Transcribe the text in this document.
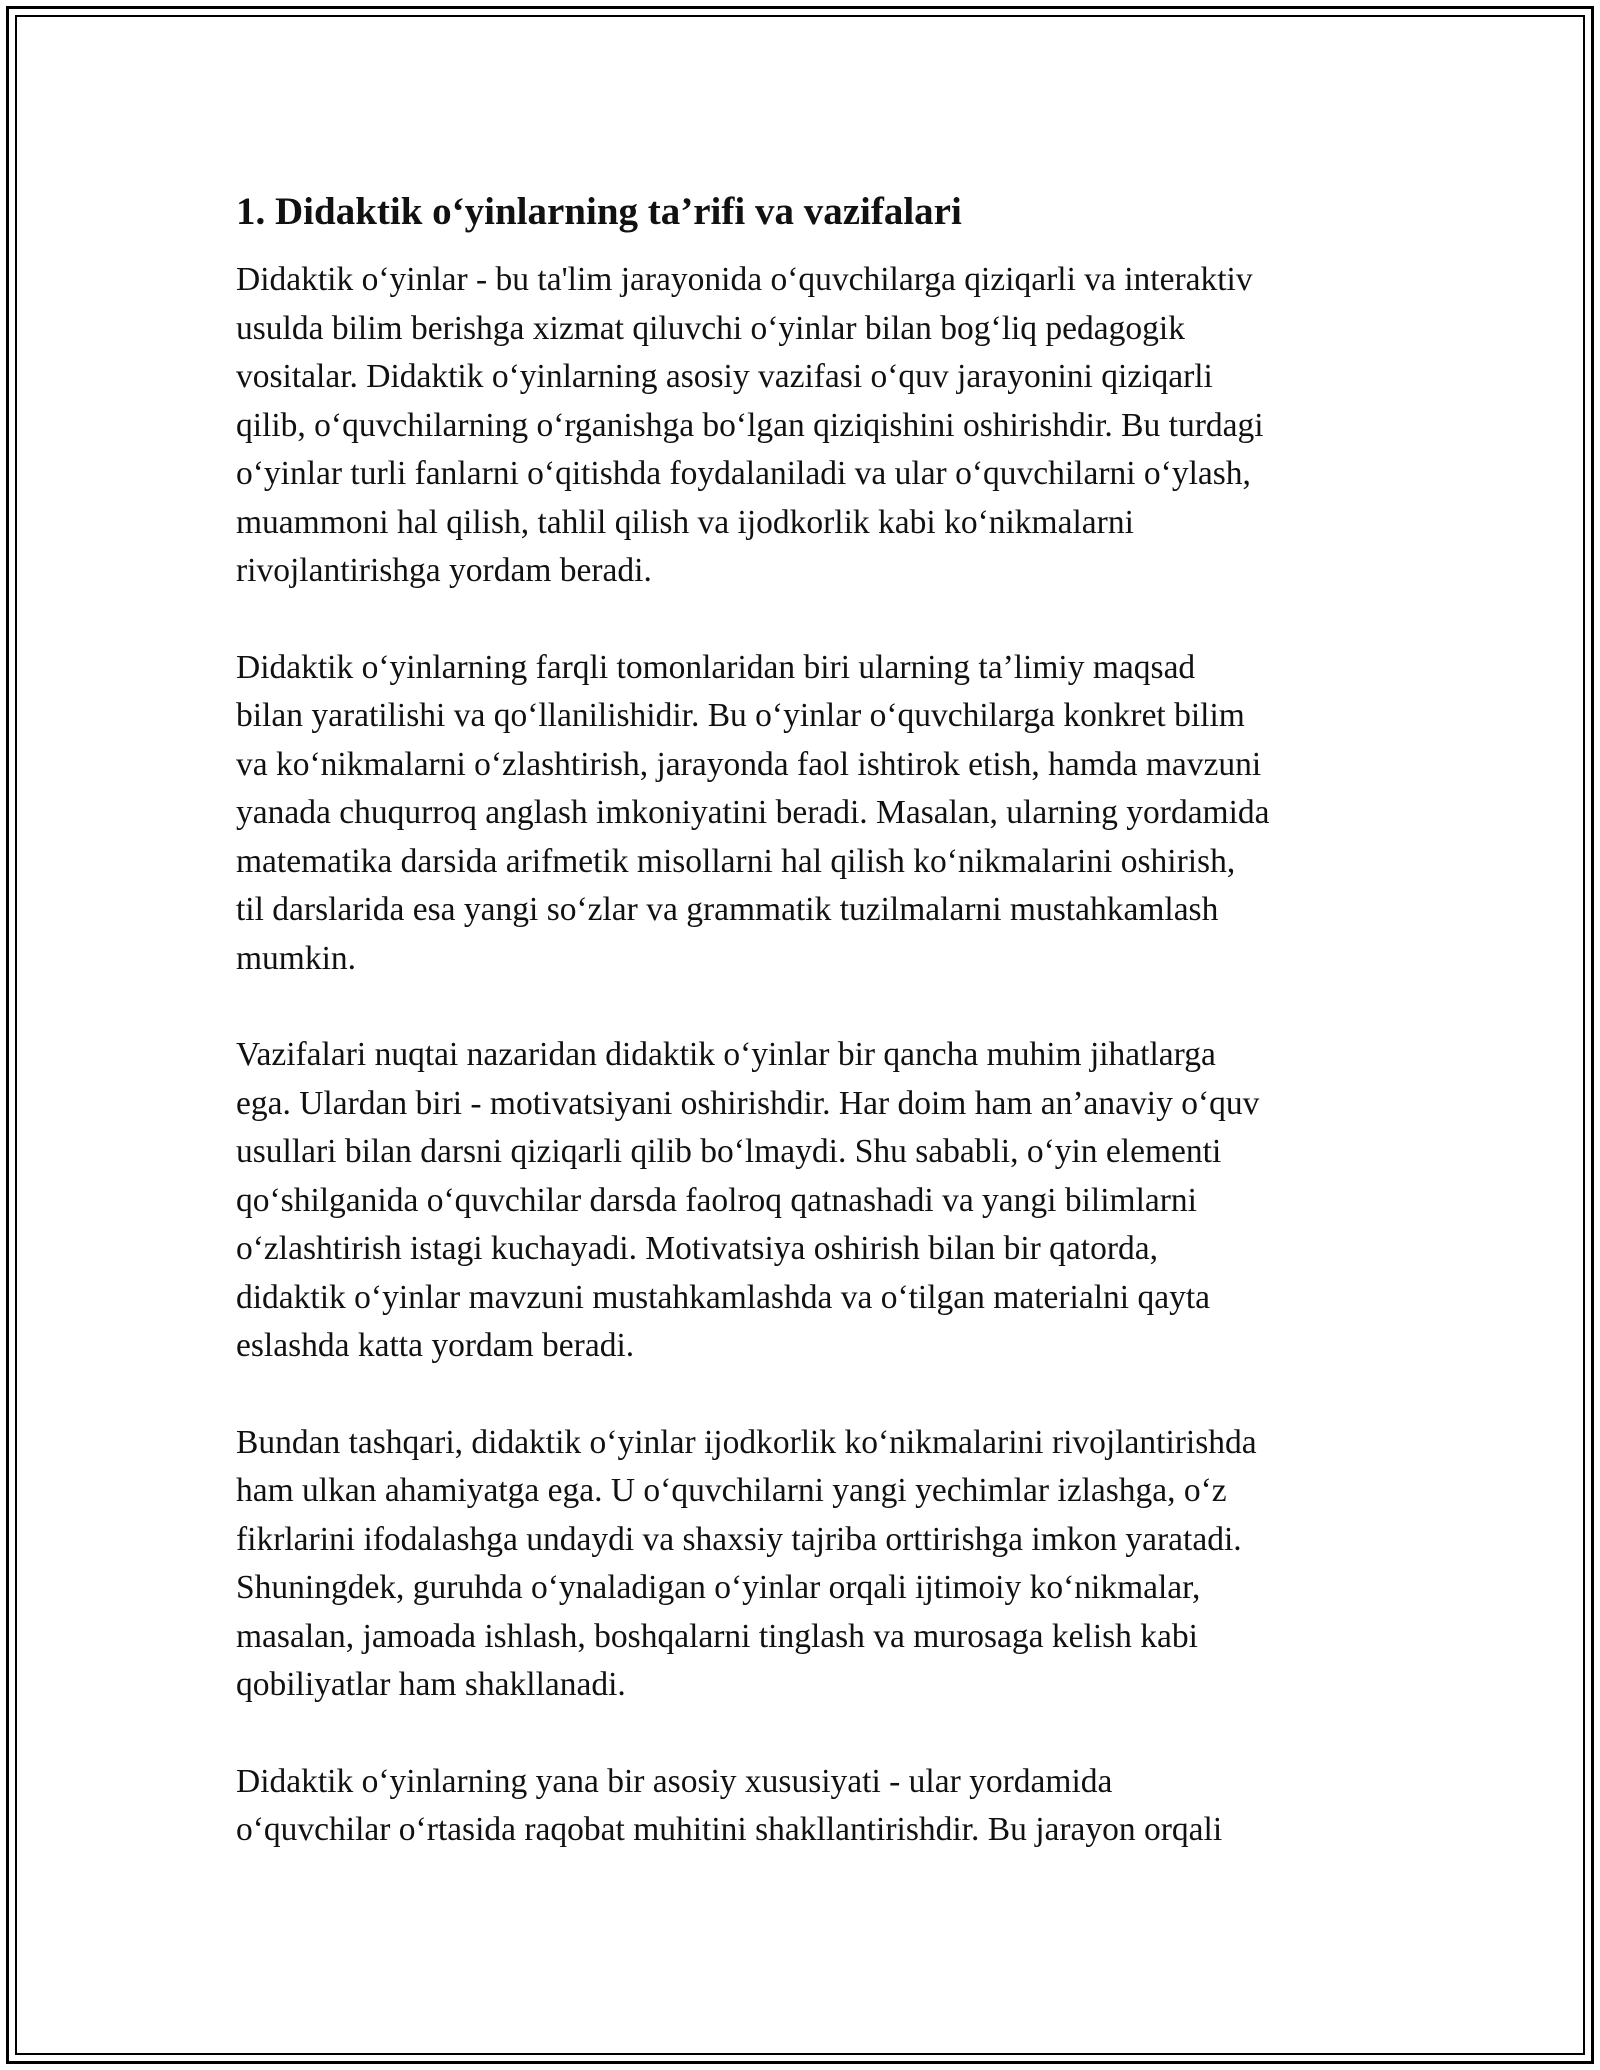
1. Didaktik o‘yinlarning ta’rifi va vazifalari

Didaktik o‘yinlar - bu ta'lim jarayonida o‘quvchilarga qiziqarli va interaktiv
usulda bilim berishga xizmat qiluvchi o‘yinlar bilan bog‘liq pedagogik
vositalar. Didaktik o‘yinlarning asosiy vazifasi o‘quv jarayonini qiziqarli
qilib, o‘quvchilarning o‘rganishga bo‘lgan qiziqishini oshirishdir. Bu turdagi
o‘yinlar turli fanlarni o‘qitishda foydalaniladi va ular o‘quvchilarni o‘ylash,
muammoni hal qilish, tahlil qilish va ijodkorlik kabi ko‘nikmalarni
rivojlantirishga yordam beradi.

Didaktik o‘yinlarning farqli tomonlaridan biri ularning ta’limiy maqsad
bilan yaratilishi va qo‘llanilishidir. Bu o‘yinlar o‘quvchilarga konkret bilim
va ko‘nikmalarni o‘zlashtirish, jarayonda faol ishtirok etish, hamda mavzuni
yanada chuqurroq anglash imkoniyatini beradi. Masalan, ularning yordamida
matematika darsida arifmetik misollarni hal qilish ko‘nikmalarini oshirish,
til darslarida esa yangi so‘zlar va grammatik tuzilmalarni mustahkamlash
mumkin.

Vazifalari nuqtai nazaridan didaktik o‘yinlar bir qancha muhim jihatlarga
ega. Ulardan biri - motivatsiyani oshirishdir. Har doim ham an’anaviy o‘quv
usullari bilan darsni qiziqarli qilib bo‘lmaydi. Shu sababli, o‘yin elementi
qo‘shilganida o‘quvchilar darsda faolroq qatnashadi va yangi bilimlarni
o‘zlashtirish istagi kuchayadi. Motivatsiya oshirish bilan bir qatorda,
didaktik o‘yinlar mavzuni mustahkamlashda va o‘tilgan materialni qayta
eslashda katta yordam beradi.

Bundan tashqari, didaktik o‘yinlar ijodkorlik ko‘nikmalarini rivojlantirishda
ham ulkan ahamiyatga ega. U o‘quvchilarni yangi yechimlar izlashga, o‘z
fikrlarini ifodalashga undaydi va shaxsiy tajriba orttirishga imkon yaratadi.
Shuningdek, guruhda o‘ynaladigan o‘yinlar orqali ijtimoiy ko‘nikmalar,
masalan, jamoada ishlash, boshqalarni tinglash va murosaga kelish kabi
qobiliyatlar ham shakllanadi.

Didaktik o‘yinlarning yana bir asosiy xususiyati - ular yordamida
o‘quvchilar o‘rtasida raqobat muhitini shakllantirishdir. Bu jarayon orqali
